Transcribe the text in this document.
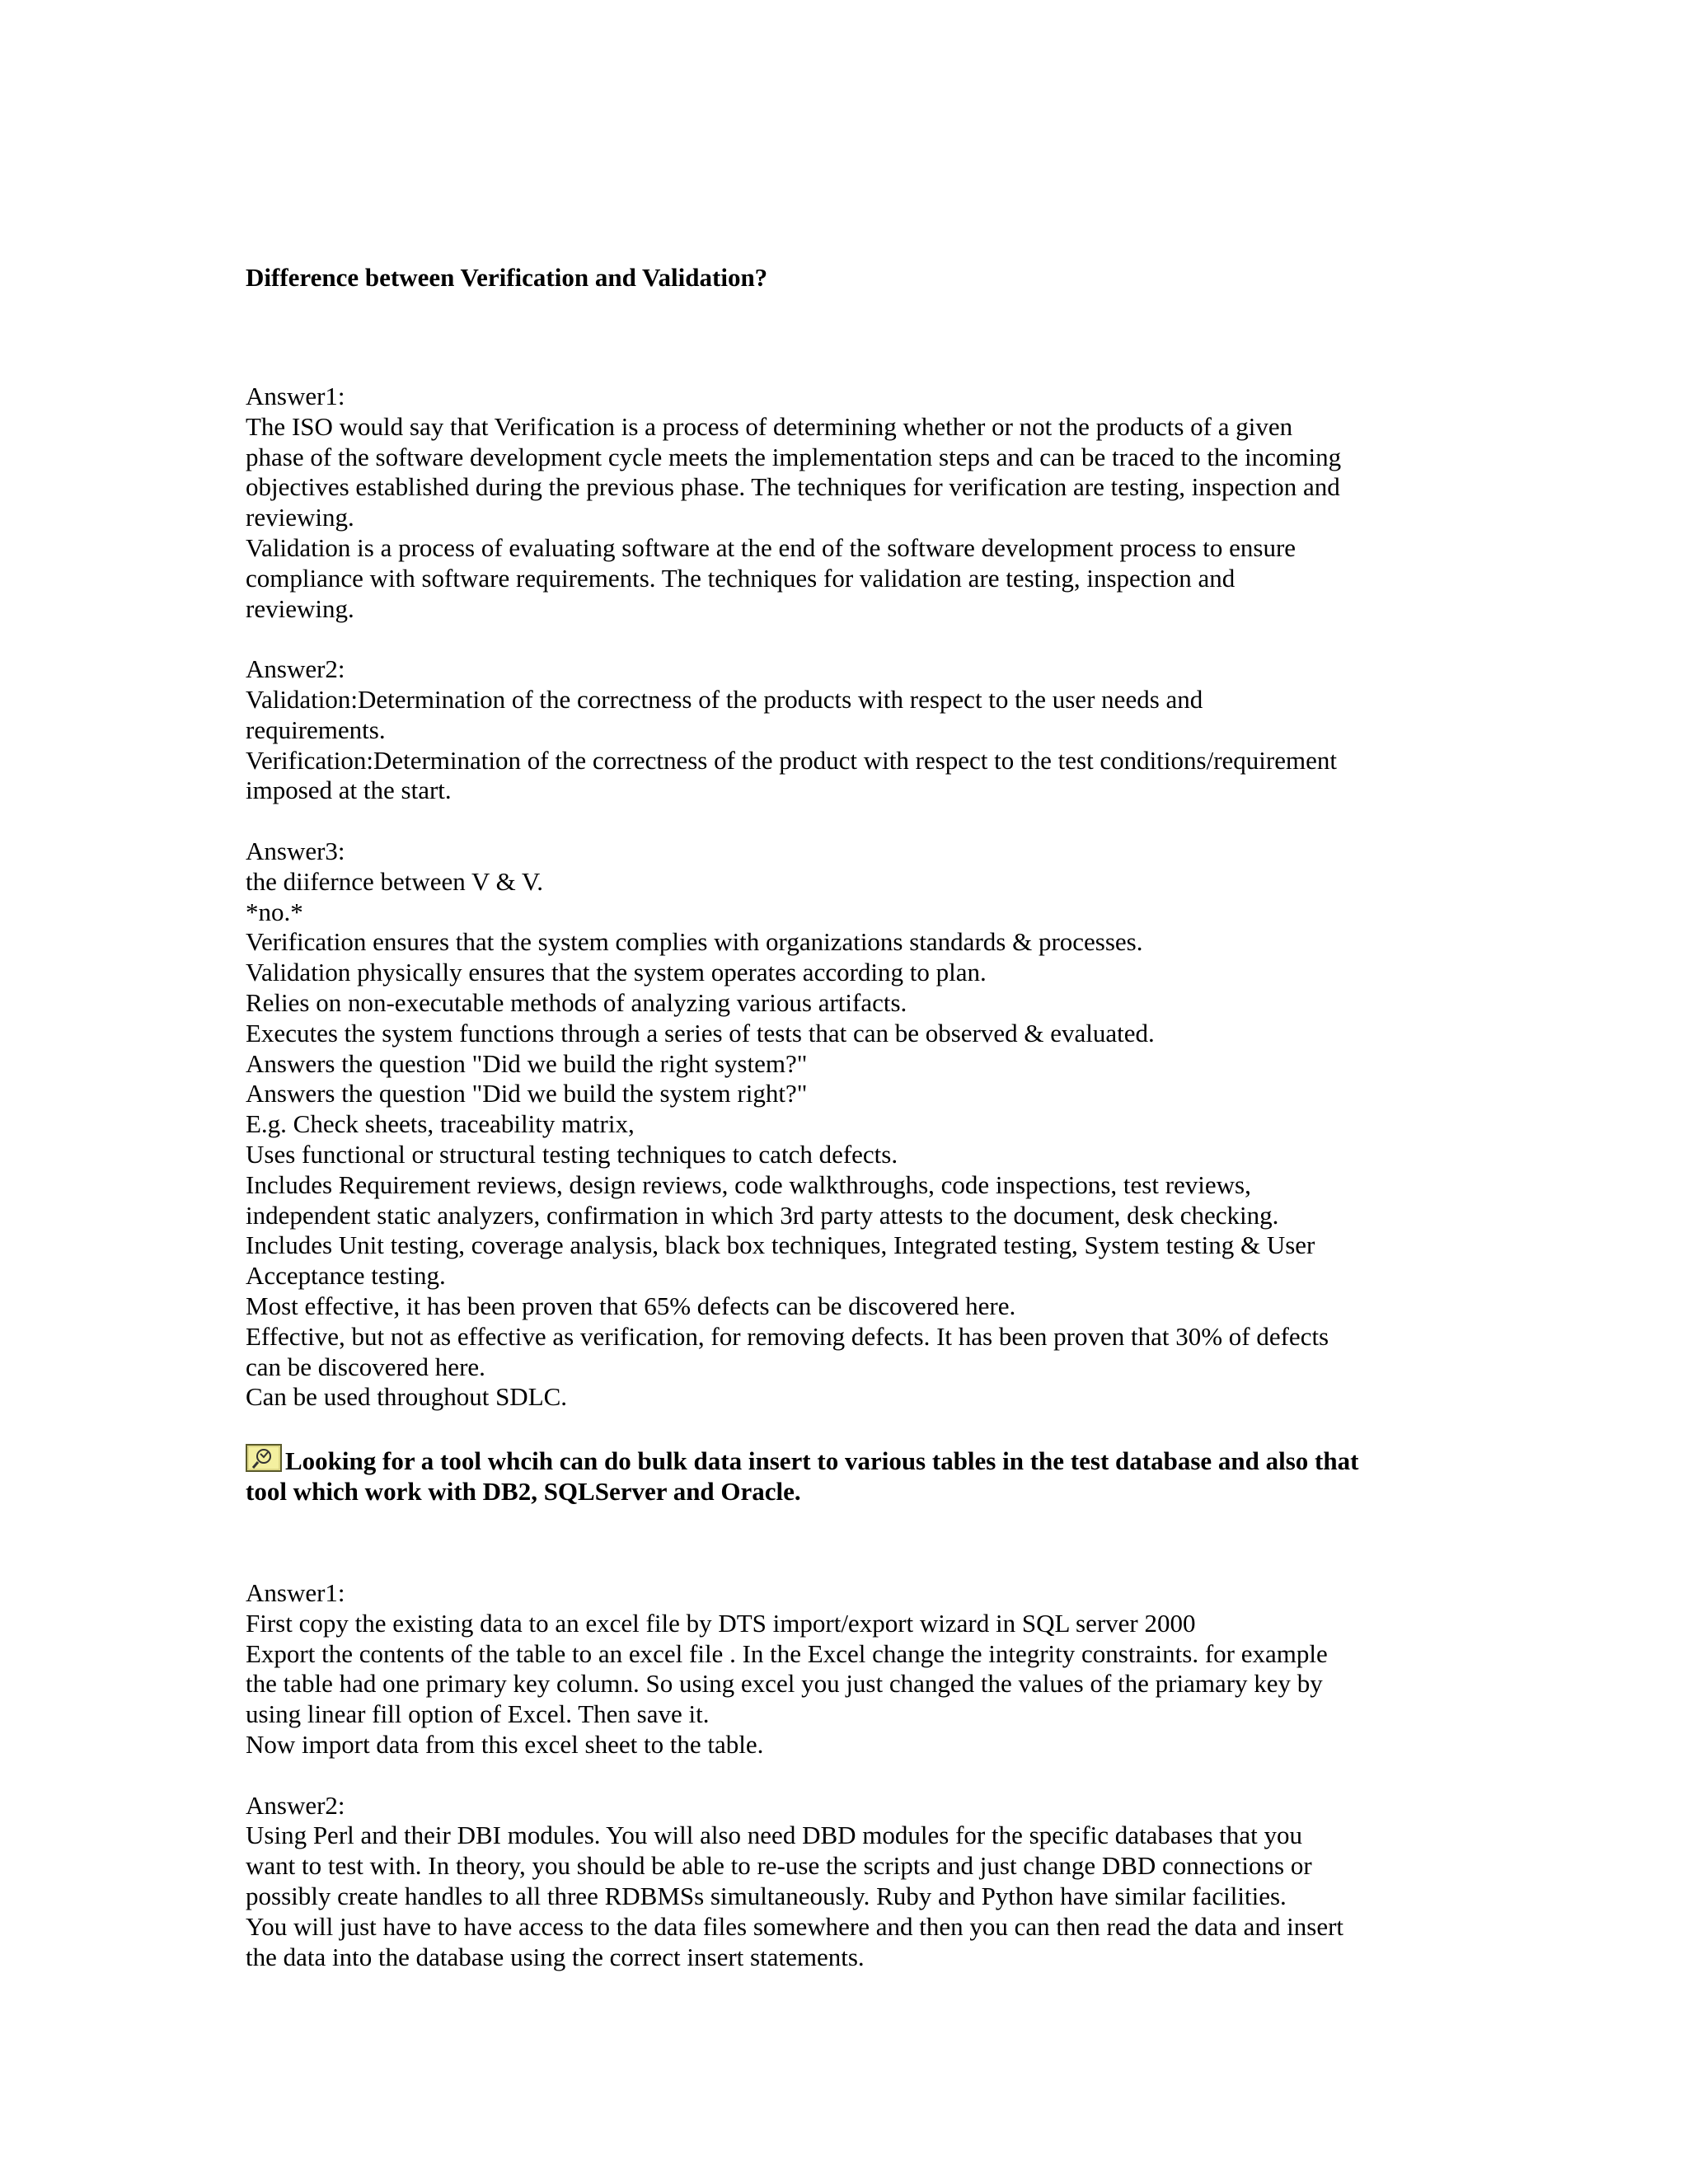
Difference between Verification and Validation?
Answer1:
The ISO would say that Verification is a process of determining whether or not the products of a given
phase of the software development cycle meets the implementation steps and can be traced to the incoming
objectives established during the previous phase. The techniques for verification are testing, inspection and
reviewing.
Validation is a process of evaluating software at the end of the software development process to ensure
compliance with software requirements. The techniques for validation are testing, inspection and
reviewing.
Answer2:
Validation:Determination of the correctness of the products with respect to the user needs and
requirements.
Verification:Determination of the correctness of the product with respect to the test conditions/requirement
imposed at the start.
Answer3:
the diifernce between V & V.
*no.*
Verification ensures that the system complies with organizations standards & processes.
Validation physically ensures that the system operates according to plan.
Relies on non-executable methods of analyzing various artifacts.
Executes the system functions through a series of tests that can be observed & evaluated.
Answers the question "Did we build the right system?"
Answers the question "Did we build the system right?"
E.g. Check sheets, traceability matrix,
Uses functional or structural testing techniques to catch defects.
Includes Requirement reviews, design reviews, code walkthroughs, code inspections, test reviews,
independent static analyzers, confirmation in which 3rd party attests to the document, desk checking.
Includes Unit testing, coverage analysis, black box techniques, Integrated testing, System testing & User
Acceptance testing.
Most effective, it has been proven that 65% defects can be discovered here.
Effective, but not as effective as verification, for removing defects. It has been proven that 30% of defects
can be discovered here.
Can be used throughout SDLC.
Looking for a tool whcih can do bulk data insert to various tables in the test database and also that
tool which work with DB2, SQLServer and Oracle.
Answer1:
First copy the existing data to an excel file by DTS import/export wizard in SQL server 2000
Export the contents of the table to an excel file . In the Excel change the integrity constraints. for example
the table had one primary key column. So using excel you just changed the values of the priamary key by
using linear fill option of Excel. Then save it.
Now import data from this excel sheet to the table.
Answer2:
Using Perl and their DBI modules. You will also need DBD modules for the specific databases that you
want to test with. In theory, you should be able to re-use the scripts and just change DBD connections or
possibly create handles to all three RDBMSs simultaneously. Ruby and Python have similar facilities.
You will just have to have access to the data files somewhere and then you can then read the data and insert
the data into the database using the correct insert statements.
